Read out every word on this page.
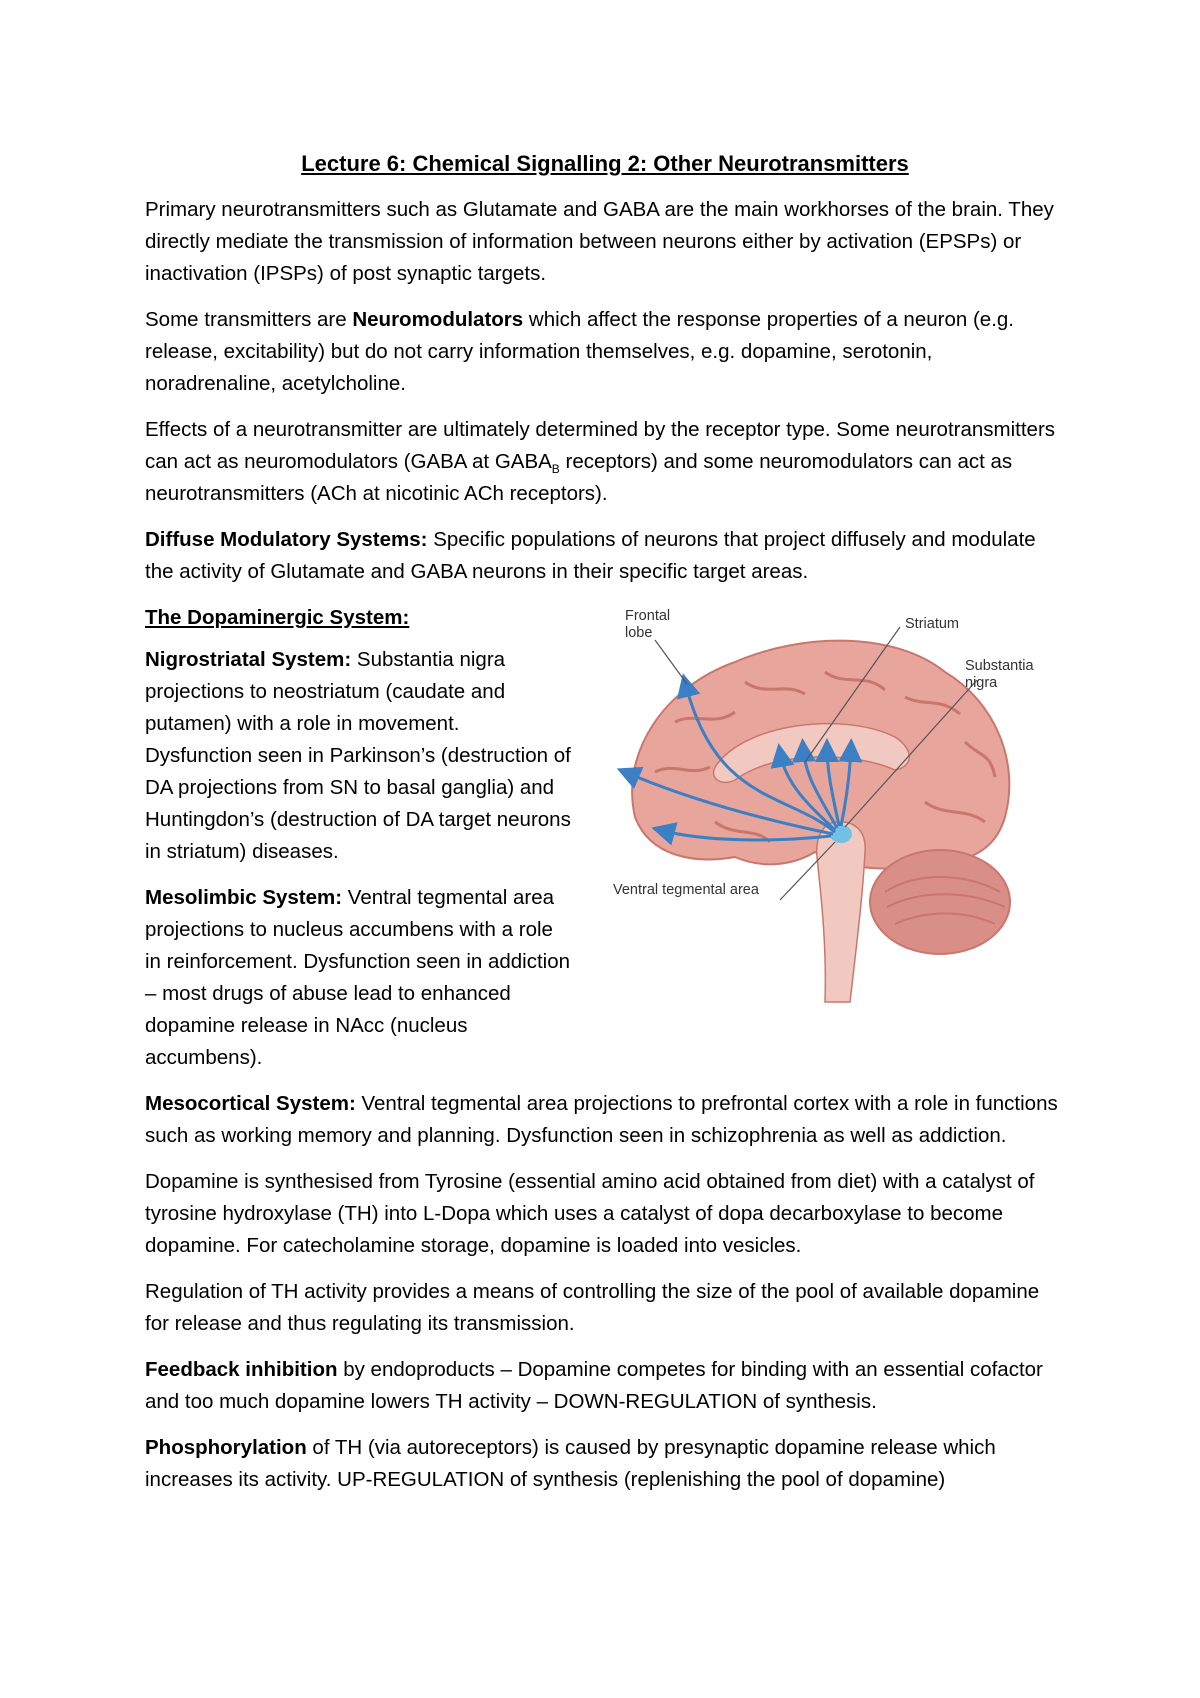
Lecture 6: Chemical Signalling 2: Other Neurotransmitters

Primary neurotransmitters such as Glutamate and GABA are the main workhorses of the brain. They directly mediate the transmission of information between neurons either by activation (EPSPs) or inactivation (IPSPs) of post synaptic targets.

Some transmitters are Neuromodulators which affect the response properties of a neuron (e.g. release, excitability) but do not carry information themselves, e.g. dopamine, serotonin, noradrenaline, acetylcholine.

Effects of a neurotransmitter are ultimately determined by the receptor type. Some neurotransmitters can act as neuromodulators (GABA at $GABA_B$ receptors) and some neuromodulators can act as neurotransmitters (ACh at nicotinic ACh receptors).

Diffuse Modulatory Systems: Specific populations of neurons that project diffusely and modulate the activity of Glutamate and GABA neurons in their specific target areas.

Frontal
lobe
Striatum
Substantia
nigra
Ventral tegmental area

The Dopaminergic System:

Nigrostriatal System: Substantia nigra projections to neostriatum (caudate and putamen) with a role in movement. Dysfunction seen in Parkinson’s (destruction of DA projections from SN to basal ganglia) and Huntingdon’s (destruction of DA target neurons in striatum) diseases.

Mesolimbic System: Ventral tegmental area projections to nucleus accumbens with a role in reinforcement. Dysfunction seen in addiction – most drugs of abuse lead to enhanced dopamine release in NAcc (nucleus accumbens).

Mesocortical System: Ventral tegmental area projections to prefrontal cortex with a role in functions such as working memory and planning. Dysfunction seen in schizophrenia as well as addiction.

Dopamine is synthesised from Tyrosine (essential amino acid obtained from diet) with a catalyst of tyrosine hydroxylase (TH) into L-Dopa which uses a catalyst of dopa decarboxylase to become dopamine. For catecholamine storage, dopamine is loaded into vesicles.

Regulation of TH activity provides a means of controlling the size of the pool of available dopamine for release and thus regulating its transmission.

Feedback inhibition by endoproducts – Dopamine competes for binding with an essential cofactor and too much dopamine lowers TH activity – DOWN-REGULATION of synthesis.

Phosphorylation of TH (via autoreceptors) is caused by presynaptic dopamine release which increases its activity. UP-REGULATION of synthesis (replenishing the pool of dopamine)
